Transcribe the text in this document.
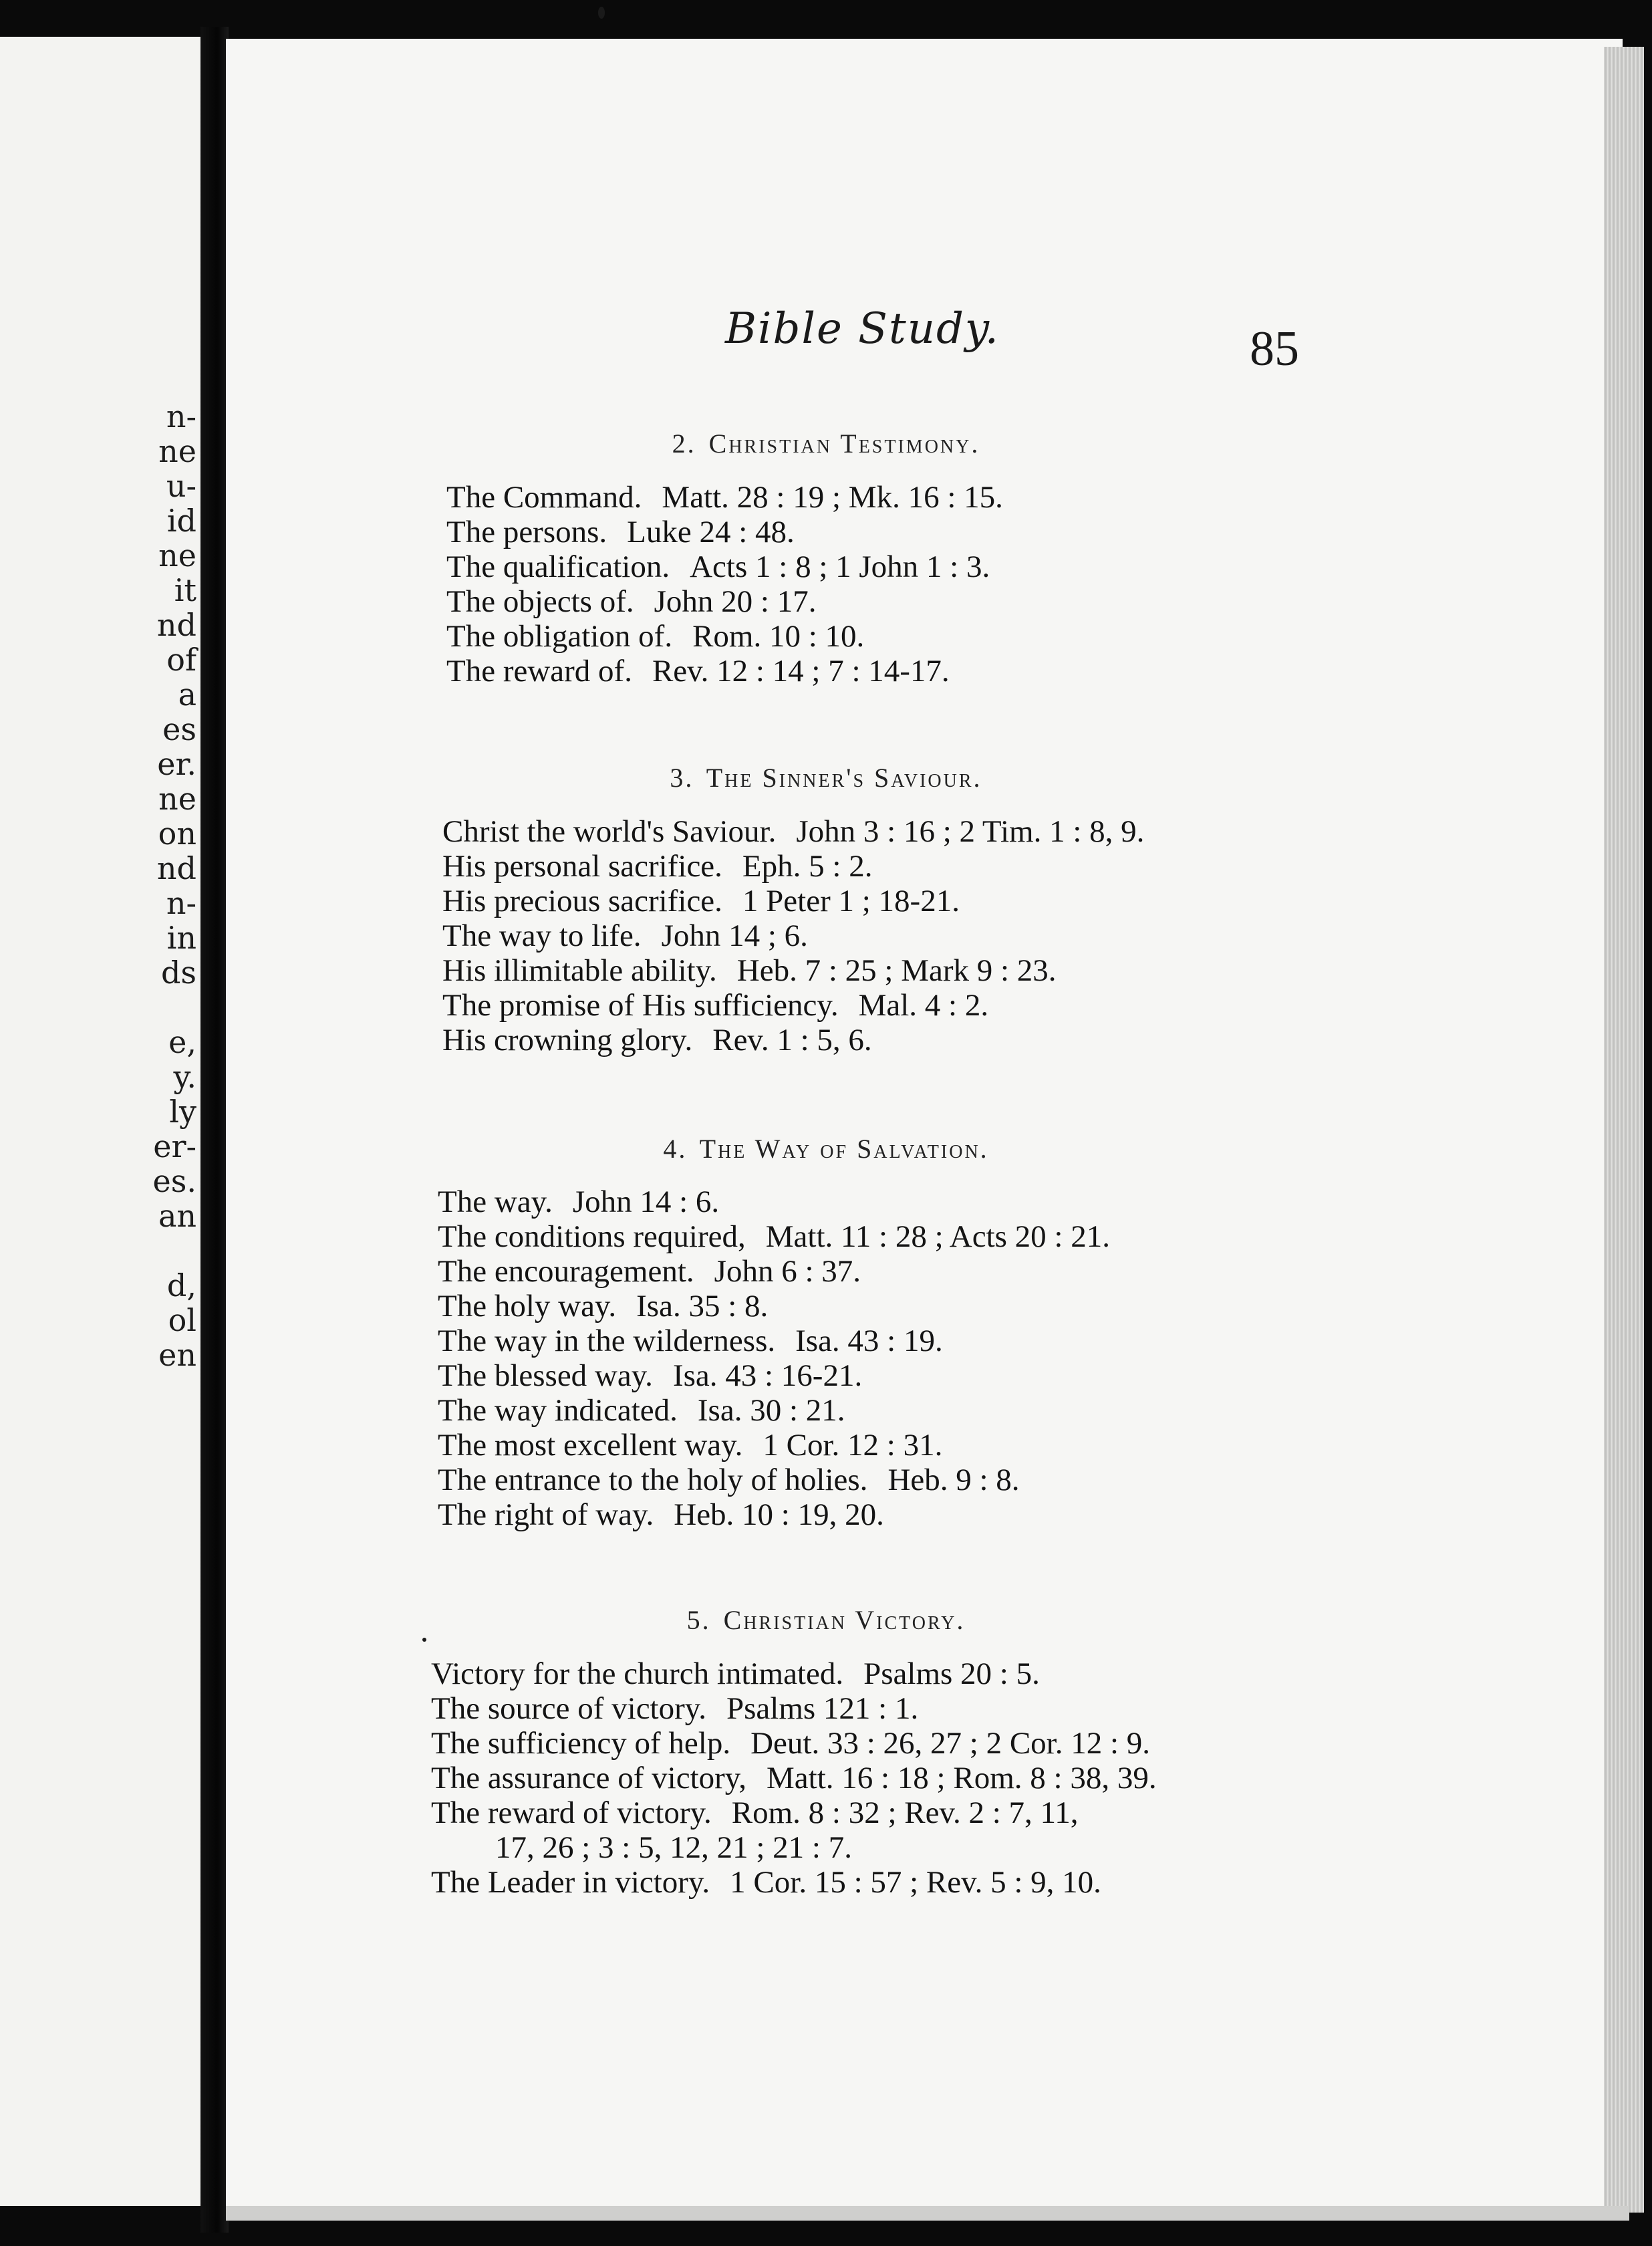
n-
ne
u-
id
ne
it
nd
of
a
es
er.
ne
on
nd
n-
in
ds
e,
y.
ly
er-
es.
an
d,
ol
en
Bible Study.	85
2. Christian Testimony.
The Command. Matt. 28 : 19 ; Mk. 16 : 15.
The persons. Luke 24 : 48.
The qualification. Acts 1 : 8 ; 1 John 1 : 3.
The objects of. John 20 : 17.
The obligation of. Rom. 10 : 10.
The reward of. Rev. 12 : 14 ; 7 : 14-17.
3. The Sinner's Saviour.
Christ the world's Saviour. John 3 : 16 ; 2 Tim. 1 : 8, 9.
His personal sacrifice. Eph. 5 : 2.
His precious sacrifice. 1 Peter 1 ; 18-21.
The way to life. John 14 ; 6.
His illimitable ability. Heb. 7 : 25 ; Mark 9 : 23.
The promise of His sufficiency. Mal. 4 : 2.
His crowning glory. Rev. 1 : 5, 6.
4. The Way of Salvation.
The way. John 14 : 6.
The conditions required, Matt. 11 : 28 ; Acts 20 : 21.
The encouragement. John 6 : 37.
The holy way. Isa. 35 : 8.
The way in the wilderness. Isa. 43 : 19.
The blessed way. Isa. 43 : 16-21.
The way indicated. Isa. 30 : 21.
The most excellent way. 1 Cor. 12 : 31.
The entrance to the holy of holies. Heb. 9 : 8.
The right of way. Heb. 10 : 19, 20.
5. Christian Victory.
Victory for the church intimated. Psalms 20 : 5.
The source of victory. Psalms 121 : 1.
The sufficiency of help. Deut. 33 : 26, 27 ; 2 Cor. 12 : 9.
The assurance of victory, Matt. 16 : 18 ; Rom. 8 : 38, 39.
The reward of victory. Rom. 8 : 32 ; Rev. 2 : 7, 11,
17, 26 ; 3 : 5, 12, 21 ; 21 : 7.
The Leader in victory. 1 Cor. 15 : 57 ; Rev. 5 : 9, 10.
